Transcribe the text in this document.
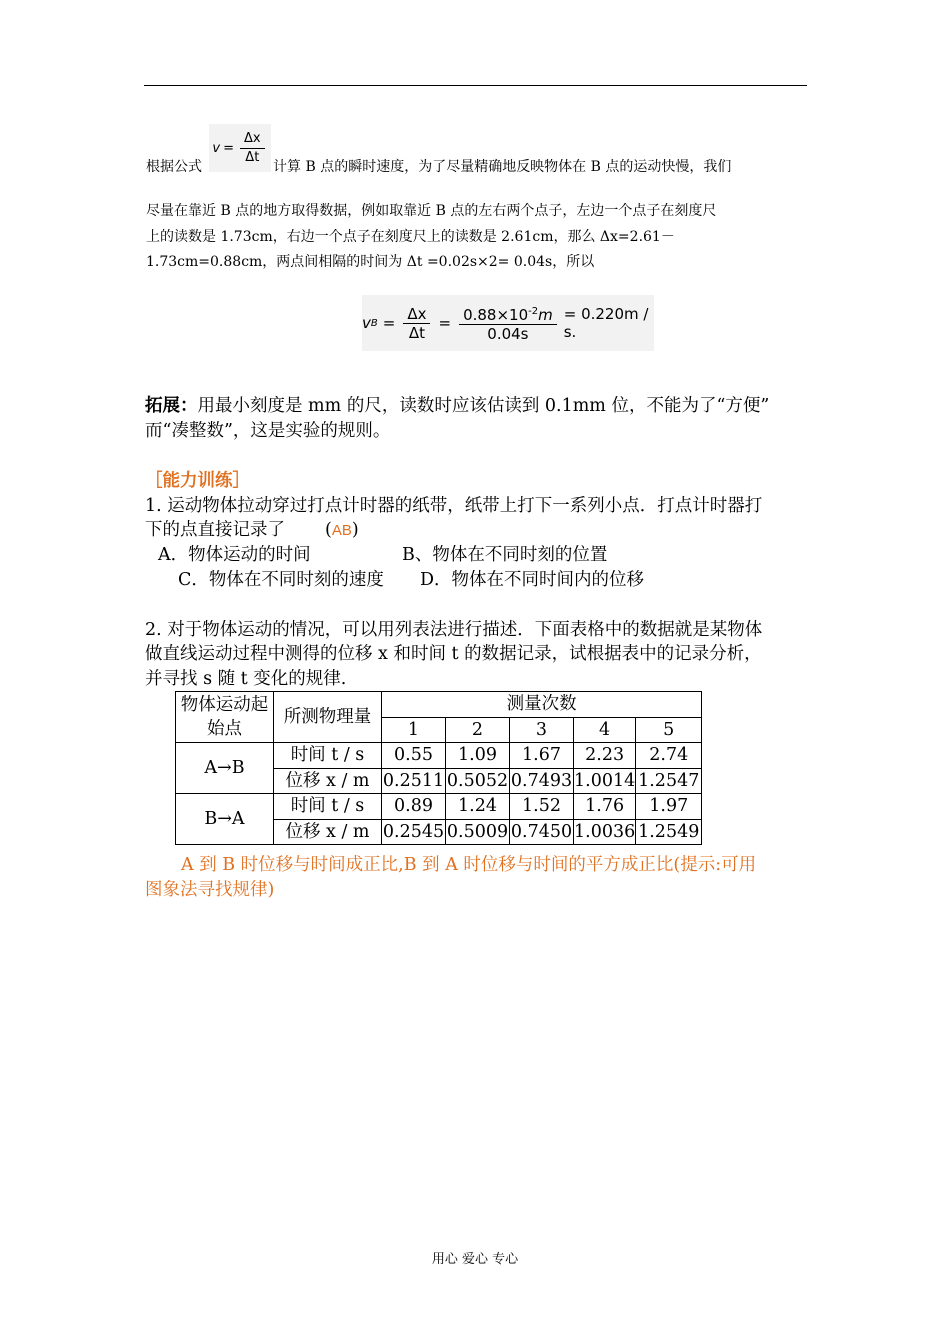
根据公式
$v = \frac{\Delta x}{\Delta t}$
计算 B 点的瞬时速度，为了尽量精确地反映物体在 B 点的运动快慢，我们
尽量在靠近 B 点的地方取得数据，例如取靠近 B 点的左右两个点子，左边一个点子在刻度尺
上的读数是 1.73cm，右边一个点子在刻度尺上的读数是 2.61cm，那么 Δx=2.61－
1.73cm=0.88cm，两点间相隔的时间为 Δt =0.02s×2= 0.04s，所以
v $B = \frac{\Delta x}{\Delta t} = \frac{0.88\times 10^{-2}m}{0.04s} = 0.220m / s$.
拓展：用最小刻度是 mm 的尺，读数时应该估读到 0.1mm 位，不能为了“方便”
而“凑整数”，这是实验的规则。
［能力训练］
1. 运动物体拉动穿过打点计时器的纸带，纸带上打下一系列小点．打点计时器打
下的点直接记录了 (AB)
A．物体运动的时间	B、物体在不同时刻的位置
C．物体在不同时刻的速度 D．物体在不同时间内的位移
2. 对于物体运动的情况，可以用列表法进行描述．下面表格中的数据就是某物体
做直线运动过程中测得的位移 x 和时间 t 的数据记录，试根据表中的记录分析，
并寻找 s 随 t 变化的规律.
物体运动起
始点	所测物理量	测量次数				
		1	2	3	4	5
A→B	时间 t / s	0.55	1.09	1.67	2.23	2.74
	位移 x / m	0.2511	0.5052	0.7493	1.0014	1.2547
B→A	时间 t / s	0.89	1.24	1.52	1.76	1.97
	位移 x / m	0.2545	0.5009	0.7450	1.0036	1.2549
A 到 B 时位移与时间成正比,B 到 A 时位移与时间的平方成正比(提示:可用
图象法寻找规律)
用心 爱心 专心
